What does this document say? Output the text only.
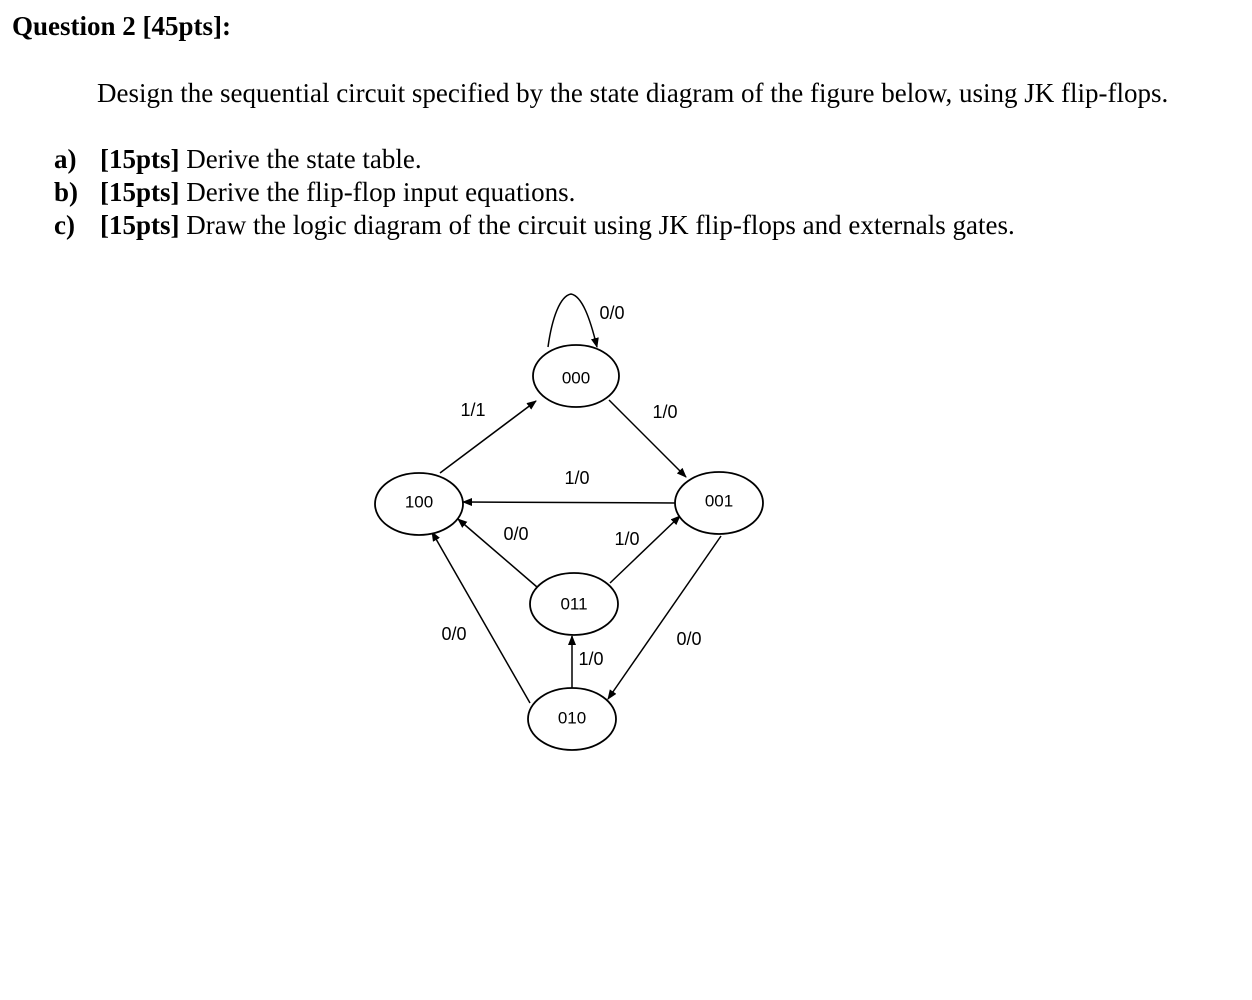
Question 2 [45pts]:

Design the sequential circuit specified by the state diagram of the figure below, using JK flip-flops.

a) [15pts] Derive the state table.
b) [15pts] Derive the flip-flop input equations.
c) [15pts] Draw the logic diagram of the circuit using JK flip-flops and externals gates.
000
001
100
011
010
0/0
1/0
1/1
1/0
0/0	1/0
0/0	0/0
1/0
